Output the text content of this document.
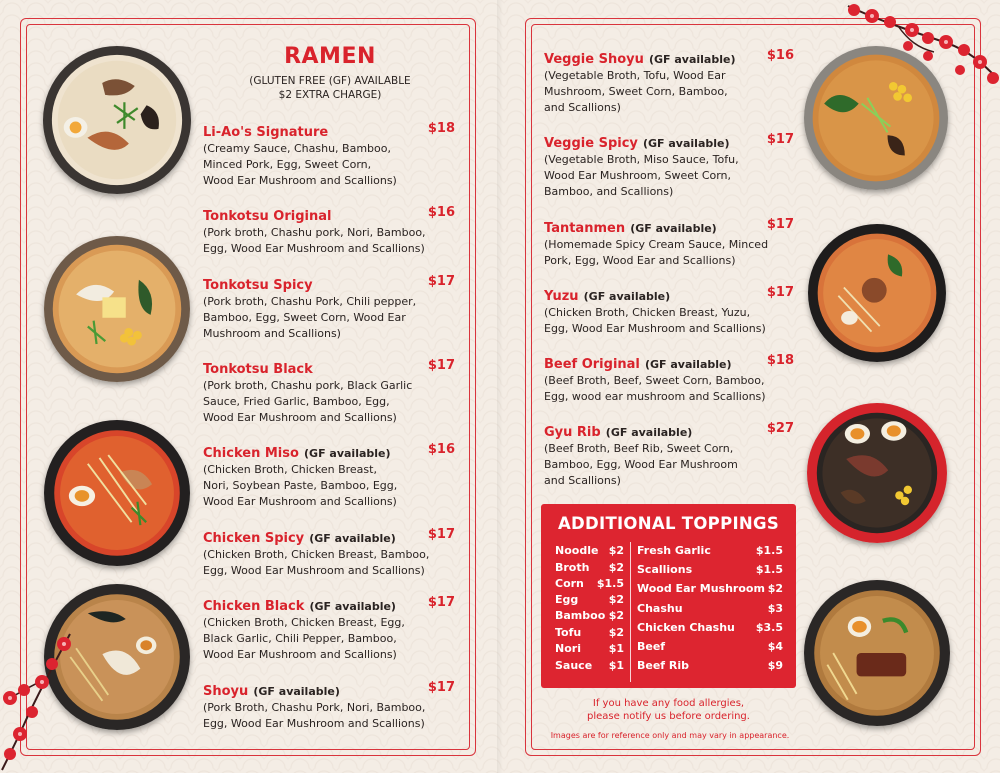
RAMEN
(GLUTEN FREE (GF) AVAILABLE
$2 EXTRA CHARGE)
Li-Ao's Signature	$18
(Creamy Sauce, Chashu, Bamboo,
Minced Pork, Egg, Sweet Corn,
Wood Ear Mushroom and Scallions)
Tonkotsu Original	$16
(Pork broth, Chashu pork, Nori, Bamboo,
Egg, Wood Ear Mushroom and Scallions)
Tonkotsu Spicy	$17
(Pork broth, Chashu Pork, Chili pepper,
Bamboo, Egg, Sweet Corn, Wood Ear
Mushroom and Scallions)
Tonkotsu Black	$17
(Pork broth, Chashu pork, Black Garlic
Sauce, Fried Garlic, Bamboo, Egg,
Wood Ear Mushroom and Scallions)
Chicken Miso (GF available)	$16
(Chicken Broth, Chicken Breast,
Nori, Soybean Paste, Bamboo, Egg,
Wood Ear Mushroom and Scallions)
Chicken Spicy (GF available) $17
(Chicken Broth, Chicken Breast, Bamboo,
Egg, Wood Ear Mushroom and Scallions)
Chicken Black (GF available) $17
(Chicken Broth, Chicken Breast, Egg,
Black Garlic, Chili Pepper, Bamboo,
Wood Ear Mushroom and Scallions)
Shoyu (GF available)	$17
(Pork Broth, Chashu Pork, Nori, Bamboo,
Egg, Wood Ear Mushroom and Scallions)
Veggie Shoyu (GF available) $16
(Vegetable Broth, Tofu, Wood Ear
Mushroom, Sweet Corn, Bamboo,
and Scallions)
Veggie Spicy (GF available)	$17
(Vegetable Broth, Miso Sauce, Tofu,
Wood Ear Mushroom, Sweet Corn,
Bamboo, and Scallions)
Tantanmen (GF available)	$17
(Homemade Spicy Cream Sauce, Minced
Pork, Egg, Wood Ear and Scallions)
Yuzu (GF available)	$17
(Chicken Broth, Chicken Breast, Yuzu,
Egg, Wood Ear Mushroom and Scallions)
Beef Original (GF available)	$18
(Beef Broth, Beef, Sweet Corn, Bamboo,
Egg, wood ear mushroom and Scallions)
Gyu Rib (GF available)	$27
(Beef Broth, Beef Rib, Sweet Corn,
Bamboo, Egg, Wood Ear Mushroom
and Scallions)
ADDITIONAL TOPPINGS
Noodle $2
Broth $2
Corn $1.5
Egg	$2
Bamboo $2
Tofu $2
Nori	$1
Sauce $1
Fresh Garlic	$1.5
Scallions	$1.5
Wood Ear Mushroom $2
Chashu	$3
Chicken Chashu $3.5
Beef	$4
Beef Rib	$9
If you have any food allergies,
please notify us before ordering.
Images are for reference only and may vary in appearance.
